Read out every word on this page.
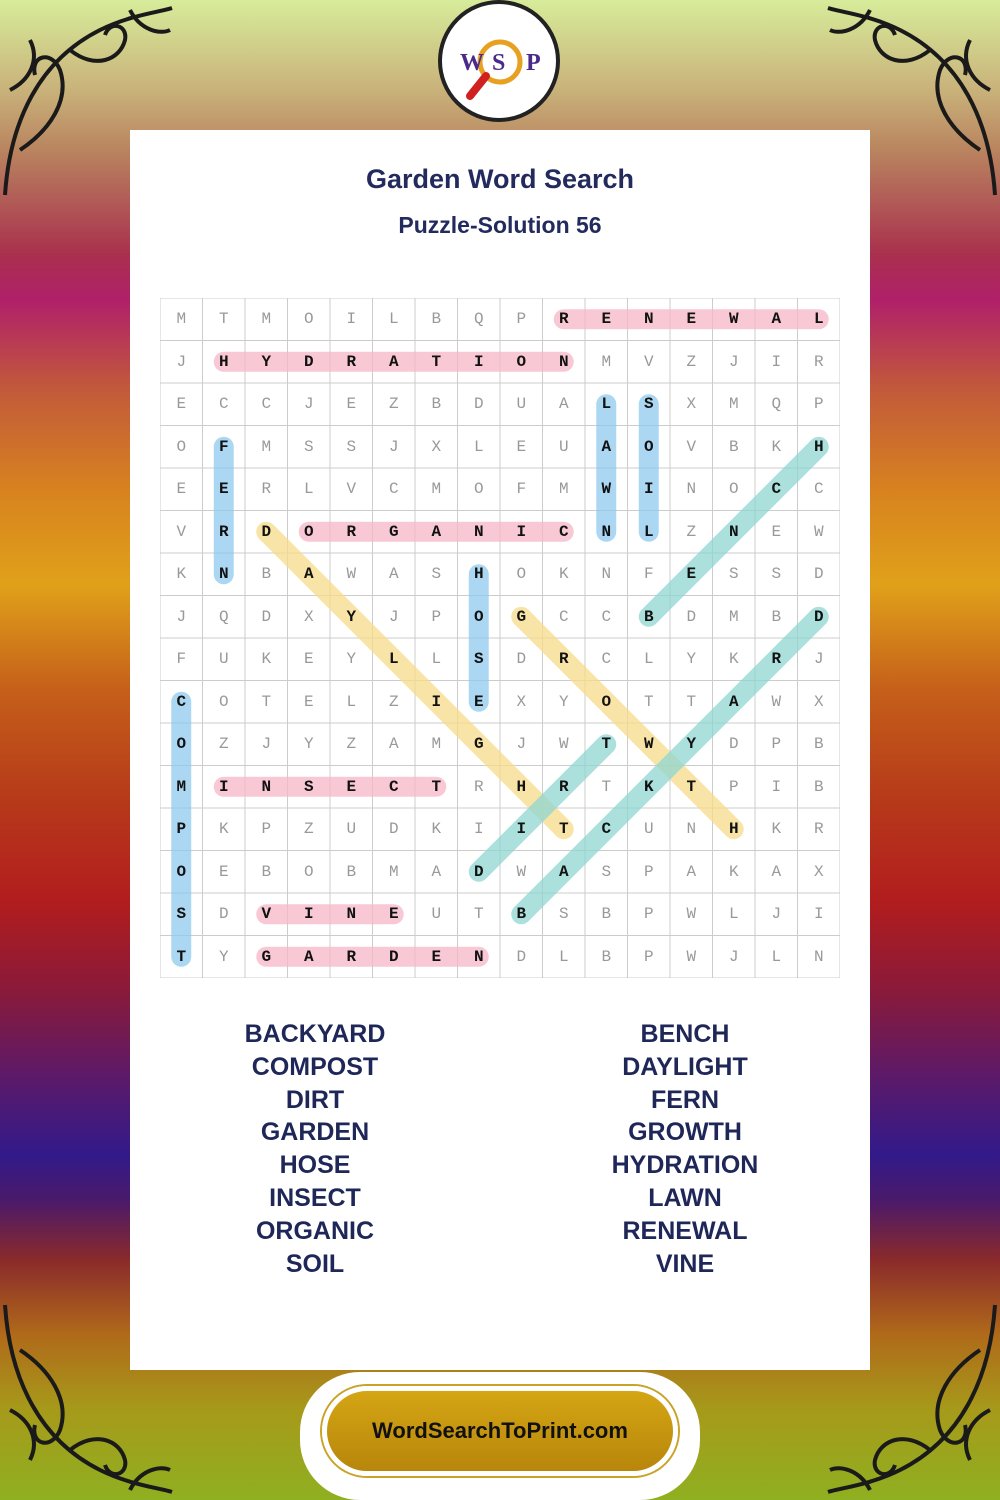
W S P
Garden Word Search
Puzzle-Solution 56
M	T	M	O	I	L	B	Q	P	R	E	N	E	W	A	L
J	H	Y	D	R	A	T	I	O	N	M	V	Z	J	I	R
E	C	C	J	E	Z	B	D	U	A	L	S	X	M	Q	P
O	F	M	S	S	J	X	L	E	U	A	O	V	B	K	H
E	E	R	L	V	C	M	O	F	M	W	I	N	O	C	C
V	R	D	O	R	G	A	N	I	C	N	L	Z	N	E	W
K	N	B	A	W	A	S	H	O	K	N	F	E	S	S	D
J	Q	D	X	Y	J	P	O	G	C	C	B	D	M	B	D
F	U	K	E	Y	L	L	S	D	R	C	L	Y	K	R	J
C	O	T	E	L	Z	I	E	X	Y	O	T	T	A	W	X
O	Z	J	Y	Z	A	M	G	J	W	T	W	Y	D	P	B
M	I	N	S	E	C	T	R	H	R	T	K	T	P	I	B
P	K	P	Z	U	D	K	I	I	T	C	U	N	H	K	R
O	E	B	O	B	M	A	D	W	A	S	P	A	K	A	X
S	D	V	I	N	E	U	T	B	S	B	P	W	L	J	I
T	Y	G	A	R	D	E	N	D	L	B	P	W	J	L	N
BACKYARD
COMPOST
DIRT
GARDEN
HOSE
INSECT
ORGANIC
SOIL
BENCH
DAYLIGHT
FERN
GROWTH
HYDRATION
LAWN
RENEWAL
VINE
WordSearchToPrint.com
